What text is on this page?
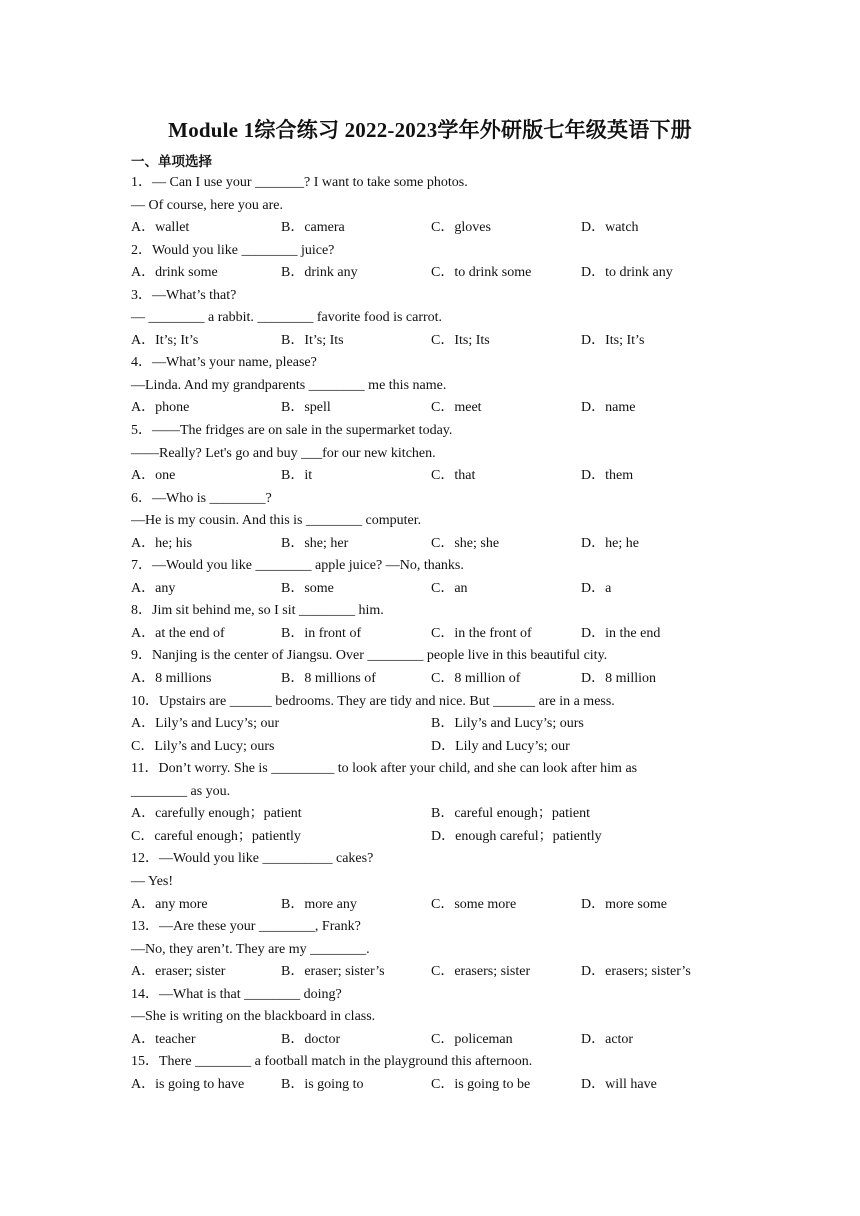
Module 1综合练习 2022-2023学年外研版七年级英语下册
一、单项选择
1．— Can I use your _______? I want to take some photos.
— Of course, here you are.
A．wallet	B．camera	C．gloves	D．watch
2．Would you like ________ juice?
A．drink some	B．drink any	C．to drink some	D．to drink any
3．—What’s that?
— ________ a rabbit. ________ favorite food is carrot.
A．It’s; It’s	B．It’s; Its	C．Its; Its	D．Its; It’s
4．—What’s your name, please?
—Linda. And my grandparents ________ me this name.
A．phone	B．spell	C．meet	D．name
5．——The fridges are on sale in the supermarket today.
——Really? Let's go and buy ___for our new kitchen.
A．one	B．it	C．that	D．them
6．—Who is ________?
—He is my cousin. And this is ________ computer.
A．he; his	B．she; her	C．she; she	D．he; he
7．—Would you like ________ apple juice? —No, thanks.
A．any	B．some	C．an	D．a
8．Jim sit behind me, so I sit ________ him.
A．at the end of	B．in front of	C．in the front of	D．in the end
9．Nanjing is the center of Jiangsu. Over ________ people live in this beautiful city.
A．8 millions	B．8 millions of	C．8 million of	D．8 million
10．Upstairs are ______ bedrooms. They are tidy and nice. But ______ are in a mess.
A．Lily’s and Lucy’s; our	B．Lily’s and Lucy’s; ours
C．Lily’s and Lucy; ours	D．Lily and Lucy’s; our
11．Don’t worry. She is _________ to look after your child, and she can look after him as
________ as you.
A．carefully enough；patient	B．careful enough；patient
C．careful enough；patiently	D．enough careful；patiently
12．—Would you like __________ cakes?
— Yes!
A．any more	B．more any	C．some more	D．more some
13．—Are these your ________, Frank?
—No, they aren’t. They are my ________.
A．eraser; sister	B．eraser; sister’s	C．erasers; sister	D．erasers; sister’s
14．—What is that ________ doing?
—She is writing on the blackboard in class.
A．teacher	B．doctor	C．policeman	D．actor
15．There ________ a football match in the playground this afternoon.
A．is going to have	B．is going to	C．is going to be	D．will have
